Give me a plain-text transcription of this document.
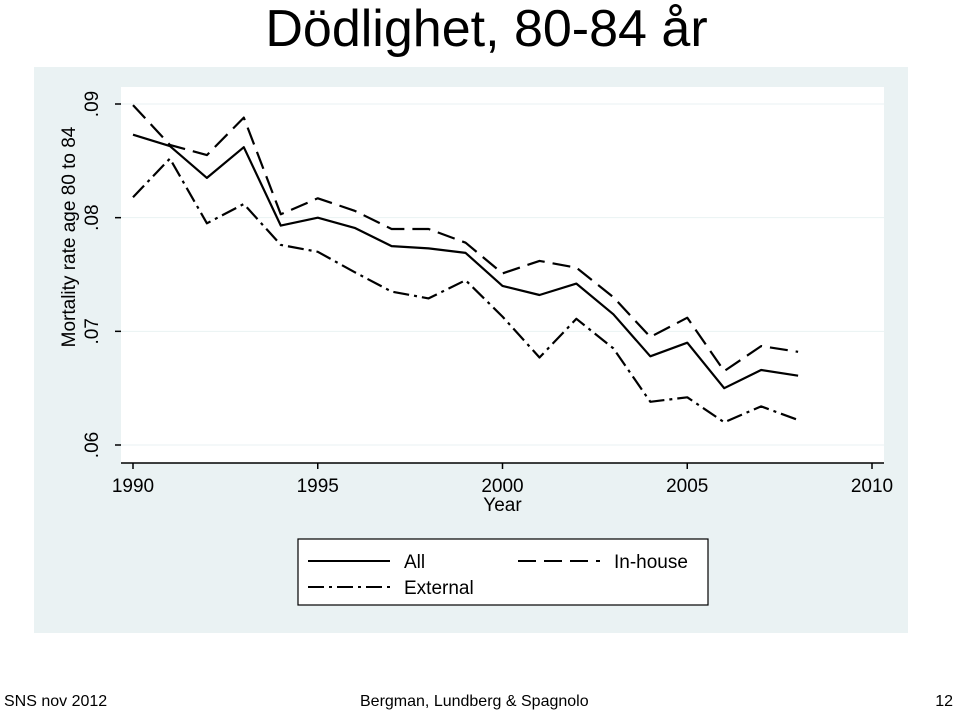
Dödlighet, 80-84 år
.06
.07
.08
.09
1990	1995	2000	2005	2010
Year
Mortality rate age 80 to 84
All	In-house
External
SNS nov 2012	Bergman, Lundberg & Spagnolo	12
